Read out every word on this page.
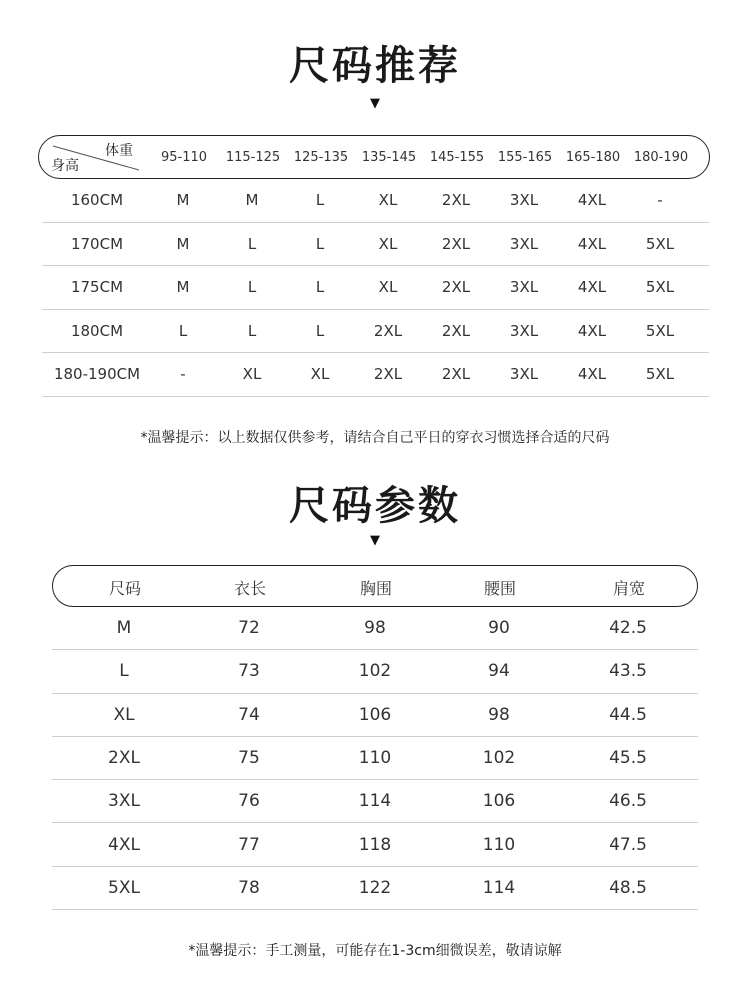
尺码推荐
▼
体重
身高
95-110	115-125	125-135	135-145	145-155	155-165	165-180	180-190
160CM	M	M	L	XL	2XL	3XL	4XL	-
170CM	M	L	L	XL	2XL	3XL	4XL	5XL
175CM	M	L	L	XL	2XL	3XL	4XL	5XL
180CM	L	L	L	2XL	2XL	3XL	4XL	5XL
180-190CM	-	XL	XL	2XL	2XL	3XL	4XL	5XL
*温馨提示：以上数据仅供参考，请结合自己平日的穿衣习惯选择合适的尺码
尺码参数
▼
尺码	衣长	胸围	腰围	肩宽
M	72	98	90	42.5
L	73	102	94	43.5
XL	74	106	98	44.5
2XL	75	110	102	45.5
3XL	76	114	106	46.5
4XL	77	118	110	47.5
5XL	78	122	114	48.5
*温馨提示：手工测量，可能存在1-3cm细微误差，敬请谅解
